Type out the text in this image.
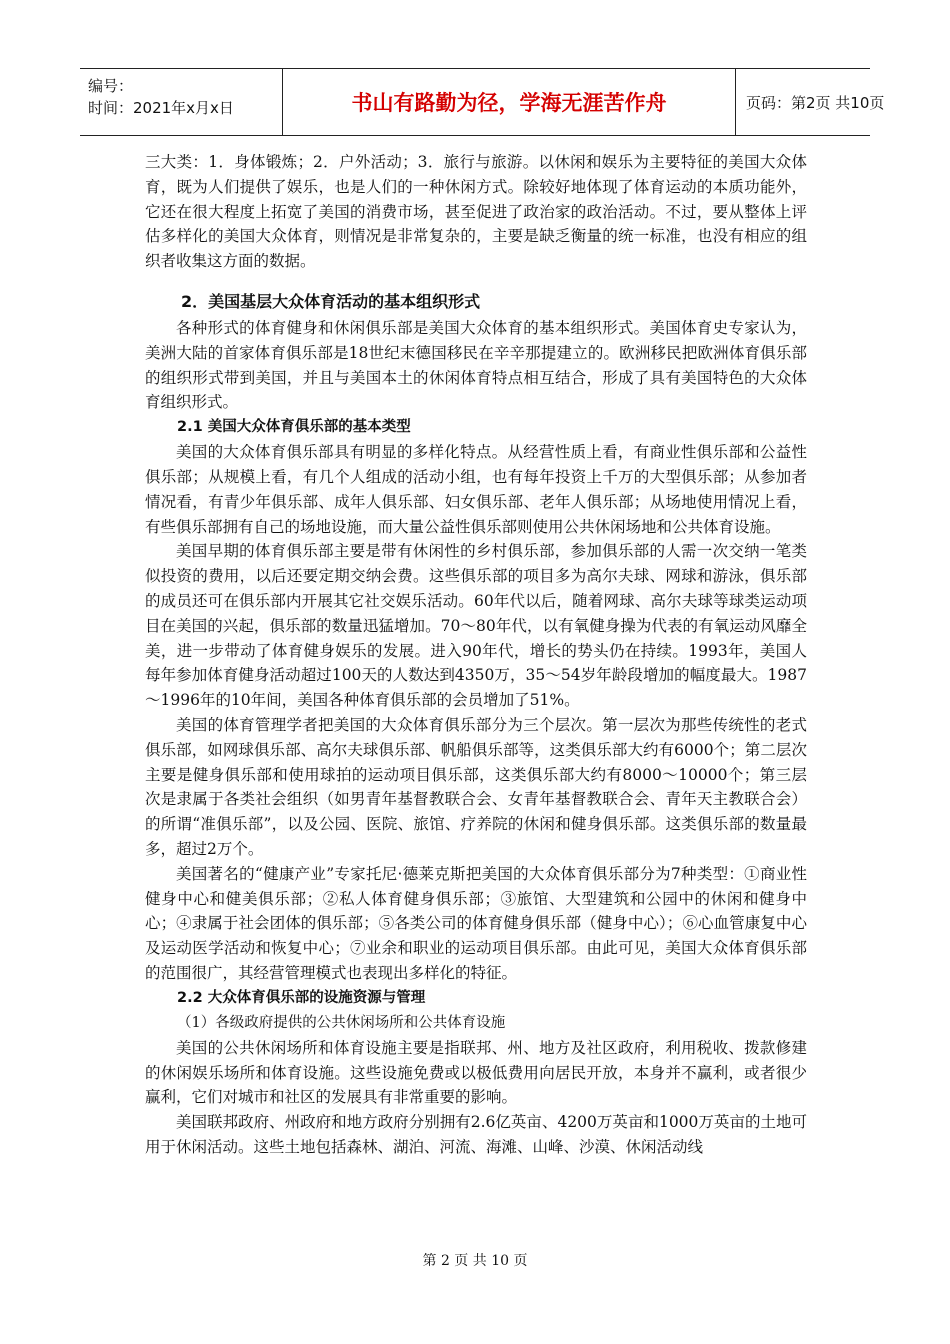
编号：
时间：2021年x月x日	书山有路勤为径，学海无涯苦作舟	页码：第2页 共10页

三大类：1．身体锻炼；2．户外活动；3．旅行与旅游。以休闲和娱乐为主要特征的美国大众体育，既为人们提供了娱乐，也是人们的一种休闲方式。除较好地体现了体育运动的本质功能外，它还在很大程度上拓宽了美国的消费市场，甚至促进了政治家的政治活动。不过，要从整体上评估多样化的美国大众体育，则情况是非常复杂的，主要是缺乏衡量的统一标准，也没有相应的组织者收集这方面的数据。

2．美国基层大众体育活动的基本组织形式

各种形式的体育健身和休闲俱乐部是美国大众体育的基本组织形式。美国体育史专家认为，美洲大陆的首家体育俱乐部是18世纪末德国移民在辛辛那提建立的。欧洲移民把欧洲体育俱乐部的组织形式带到美国，并且与美国本土的休闲体育特点相互结合，形成了具有美国特色的大众体育组织形式。

2.1 美国大众体育俱乐部的基本类型

美国的大众体育俱乐部具有明显的多样化特点。从经营性质上看，有商业性俱乐部和公益性俱乐部；从规模上看，有几个人组成的活动小组，也有每年投资上千万的大型俱乐部；从参加者情况看，有青少年俱乐部、成年人俱乐部、妇女俱乐部、老年人俱乐部；从场地使用情况上看，有些俱乐部拥有自己的场地设施，而大量公益性俱乐部则使用公共休闲场地和公共体育设施。

美国早期的体育俱乐部主要是带有休闲性的乡村俱乐部，参加俱乐部的人需一次交纳一笔类似投资的费用，以后还要定期交纳会费。这些俱乐部的项目多为高尔夫球、网球和游泳，俱乐部的成员还可在俱乐部内开展其它社交娱乐活动。60年代以后，随着网球、高尔夫球等球类运动项目在美国的兴起，俱乐部的数量迅猛增加。70～80年代，以有氧健身操为代表的有氧运动风靡全美，进一步带动了体育健身娱乐的发展。进入90年代，增长的势头仍在持续。1993年，美国人每年参加体育健身活动超过100天的人数达到4350万，35～54岁年龄段增加的幅度最大。1987～1996年的10年间，美国各种体育俱乐部的会员增加了51%。

美国的体育管理学者把美国的大众体育俱乐部分为三个层次。第一层次为那些传统性的老式俱乐部，如网球俱乐部、高尔夫球俱乐部、帆船俱乐部等，这类俱乐部大约有6000个；第二层次主要是健身俱乐部和使用球拍的运动项目俱乐部，这类俱乐部大约有8000～10000个；第三层次是隶属于各类社会组织（如男青年基督教联合会、女青年基督教联合会、青年天主教联合会）的所谓“准俱乐部”，以及公园、医院、旅馆、疗养院的休闲和健身俱乐部。这类俱乐部的数量最多，超过2万个。

美国著名的“健康产业”专家托尼·德莱克斯把美国的大众体育俱乐部分为7种类型：①商业性健身中心和健美俱乐部；②私人体育健身俱乐部；③旅馆、大型建筑和公园中的休闲和健身中心；④隶属于社会团体的俱乐部；⑤各类公司的体育健身俱乐部（健身中心）；⑥心血管康复中心及运动医学活动和恢复中心；⑦业余和职业的运动项目俱乐部。由此可见，美国大众体育俱乐部的范围很广，其经营管理模式也表现出多样化的特征。

2.2 大众体育俱乐部的设施资源与管理
（1）各级政府提供的公共休闲场所和公共体育设施

美国的公共休闲场所和体育设施主要是指联邦、州、地方及社区政府，利用税收、拨款修建的休闲娱乐场所和体育设施。这些设施免费或以极低费用向居民开放，本身并不赢利，或者很少赢利，它们对城市和社区的发展具有非常重要的影响。

美国联邦政府、州政府和地方政府分别拥有2.6亿英亩、4200万英亩和1000万英亩的土地可用于休闲活动。这些土地包括森林、湖泊、河流、海滩、山峰、沙漠、休闲活动线

第 2 页 共 10 页
